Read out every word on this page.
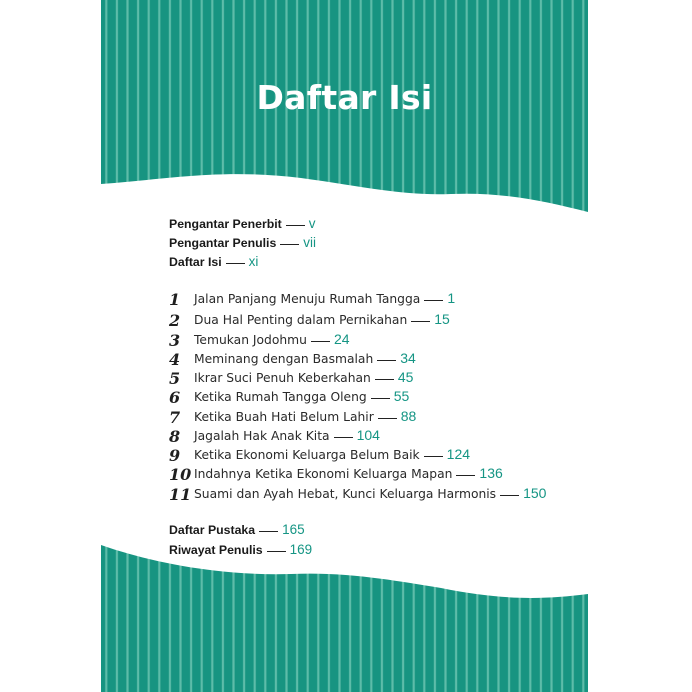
Daftar Isi
Pengantar Penerbit v
Pengantar Penulis vii
Daftar Isi xi
1	Jalan Panjang Menuju Rumah Tangga 1
2	Dua Hal Penting dalam Pernikahan 15
3	Temukan Jodohmu 24
4	Meminang dengan Basmalah 34
5	Ikrar Suci Penuh Keberkahan 45
6	Ketika Rumah Tangga Oleng 55
7	Ketika Buah Hati Belum Lahir 88
8	Jagalah Hak Anak Kita 104
9	Ketika Ekonomi Keluarga Belum Baik 124
10 Indahnya Ketika Ekonomi Keluarga Mapan 136
11 Suami dan Ayah Hebat, Kunci Keluarga Harmonis 150
Daftar Pustaka 165
Riwayat Penulis 169
